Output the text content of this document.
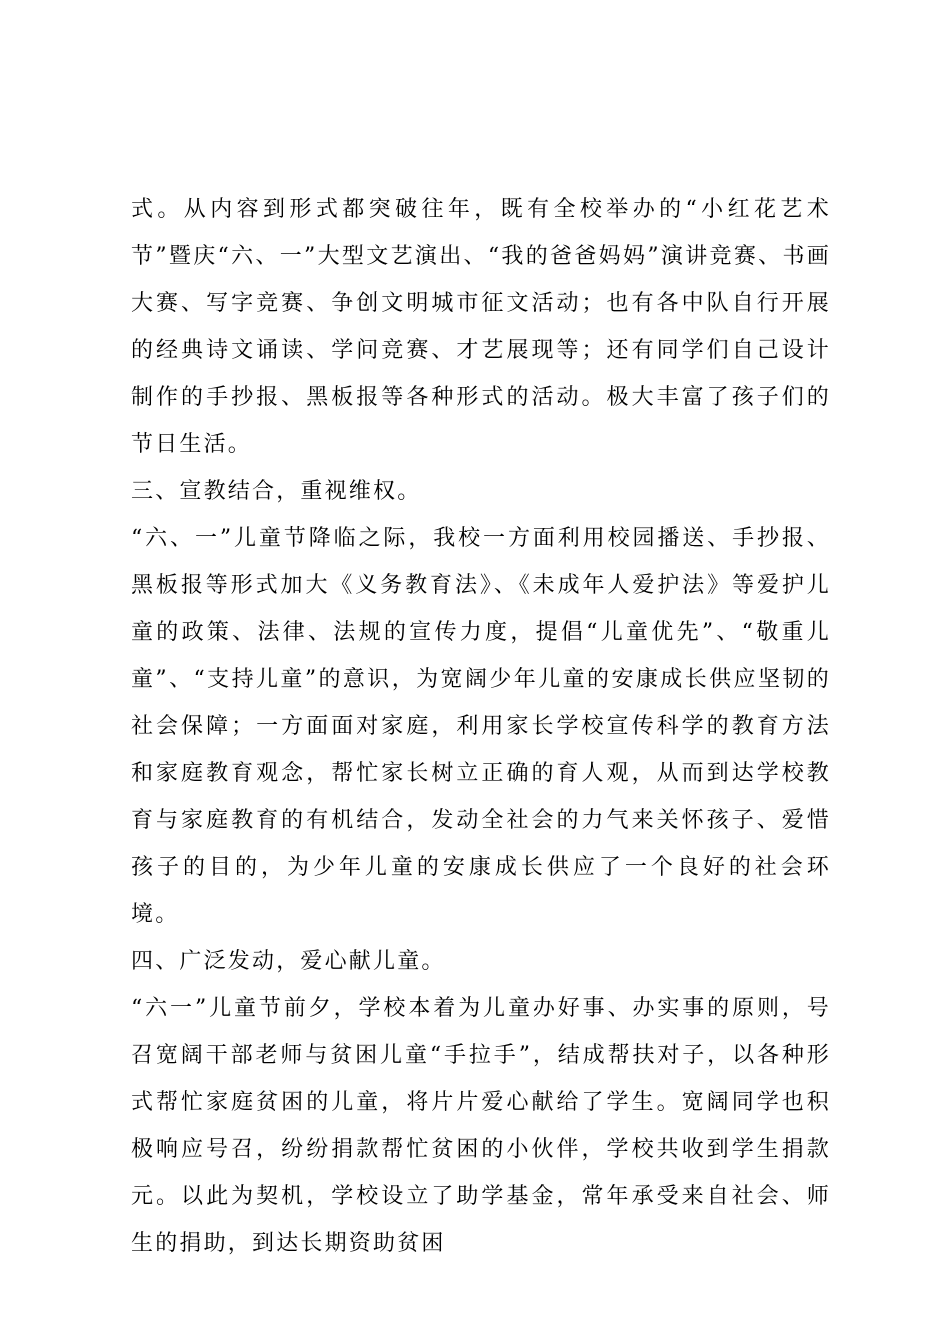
式。从内容到形式都突破往年，既有全校举办的“小红花艺术节”暨庆“六、一”大型文艺演出、“我的爸爸妈妈”演讲竞赛、书画大赛、写字竞赛、争创文明城市征文活动；也有各中队自行开展的经典诗文诵读、学问竞赛、才艺展现等；还有同学们自己设计制作的手抄报、黑板报等各种形式的活动。极大丰富了孩子们的节日生活。

三、宣教结合，重视维权。

“六、一”儿童节降临之际，我校一方面利用校园播送、手抄报、黑板报等形式加大《义务教育法》、《未成年人爱护法》等爱护儿童的政策、法律、法规的宣传力度，提倡“儿童优先”、“敬重儿童”、“支持儿童”的意识，为宽阔少年儿童的安康成长供应坚韧的社会保障；一方面面对家庭，利用家长学校宣传科学的教育方法和家庭教育观念，帮忙家长树立正确的育人观，从而到达学校教育与家庭教育的有机结合，发动全社会的力气来关怀孩子、爱惜孩子的目的，为少年儿童的安康成长供应了一个良好的社会环境。

四、广泛发动，爱心献儿童。

“六一”儿童节前夕，学校本着为儿童办好事、办实事的原则，号召宽阔干部老师与贫困儿童“手拉手”，结成帮扶对子，以各种形式帮忙家庭贫困的儿童，将片片爱心献给了学生。宽阔同学也积极响应号召，纷纷捐款帮忙贫困的小伙伴，学校共收到学生捐款元。以此为契机，学校设立了助学基金，常年承受来自社会、师生的捐助，到达长期资助贫困
